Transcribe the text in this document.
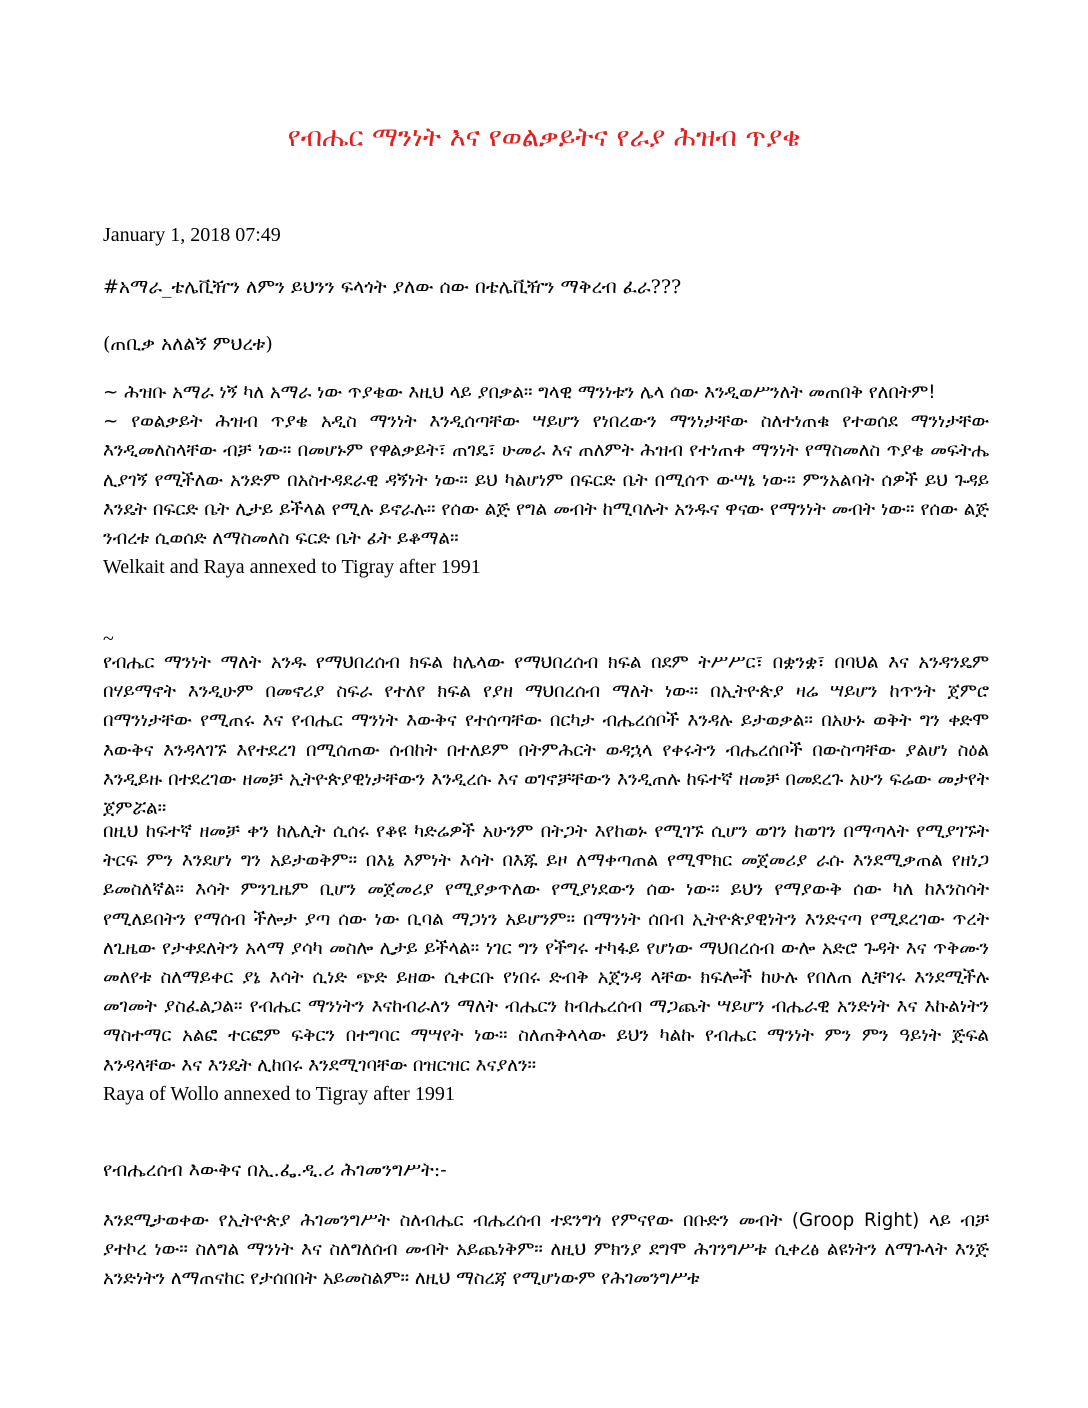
የብሔር ማንነት እና የወልቃይትና የራያ ሕዝብ ጥያቄ
January 1, 2018 07:49
#አማራ_ቴሌቪዥን ለምን ይህንን ፍላጎት ያለው ሰው በቴሌቪዥን ማቅረብ ፈራ???
(ጠቢቃ አለልኝ ምህረቱ)

~ ሕዝቡ አማራ ነኝ ካለ አማራ ነው ጥያቄው እዚህ ላይ ያበቃል። ግላዊ ማንነቱን ሌላ ሰው እንዲወሥንለት መጠበቅ የለበትም!

~ የወልቃይት ሕዝብ ጥያቄ አዲስ ማንነት እንዲሰጣቸው ሣይሆን የነበረውን ማንነታቸው ስለተነጠቁ የተወሰደ ማንነታቸው እንዲመለስላቸው ብቻ ነው። በመሆኑም የዋልቃይት፣ ጠገዴ፣ ሁመራ እና ጠለምት ሕዝብ የተነጠቀ ማንነት የማስመለስ ጥያቄ መፍትሔ ሊያገኝ የሚችለው አንድም በአስተዳደራዊ ዳኝነት ነው። ይህ ካልሆነም በፍርድ ቤት በሚሰጥ ውሣኔ ነው። ምንአልባት ሰዎች ይህ ጉዳይ እንዴት በፍርድ ቤት ሊታይ ይችላል የሚሉ ይኖራሉ። የሰው ልጅ የግል መብት ከሚባሉት አንዱና ዋናው የማንነት መብት ነው። የሰው ልጅ ንብረቱ ሲወሰድ ለማስመለስ ፍርድ ቤት ፊት ይቆማል።

Welkait and Raya annexed to Tigray after 1991

~
የብሔር ማንነት ማለት አንዱ የማህበረሰብ ክፍል ከሌላው የማህበረሰብ ክፍል በደም ትሥሥር፣ በቋንቋ፣ በባህል እና አንዳንዴም በሃይማኖት እንዲሁም በመኖሪያ ስፍራ የተለየ ክፍል የያዘ ማህበረሰብ ማለት ነው። በኢትዮጵያ ዛሬ ሣይሆን ከጥንት ጀምሮ በማንነታቸው የሚጠሩ እና የብሔር ማንነት እውቅና የተሰጣቸው በርካታ ብሔረሰቦች እንዳሉ ይታወቃል። በአሁኑ ወቅት ግን ቀድሞ እውቅና እንዳላገኙ እየተደረገ በሚሰጠው ሰብከት በተለይም በትምሕርት ወዳኋላ የቀሩትን ብሔረሰቦች በውስጣቸው ያልሆነ ስዕል እንዲይዙ በተደረገው ዘመቻ ኢትዮጵያዊነታቸውን እንዲረሱ እና ወገኖቻቸውን እንዲጠሉ ከፍተኛ ዘመቻ በመደረጉ አሁን ፍሬው መታየት ጀምሯል።

በዚህ ከፍተኛ ዘመቻ ቀን ከሌሊት ሲሰሩ የቆዩ ካድሬዎች አሁንም በትጋት እየከወኑ የሚገኙ ሲሆን ወገን ከወገን በማጣላት የሚያገኙት ትርፍ ምን እንደሆነ ግን አይታወቅም። በእኔ እምነት እሳት በእጁ ይዞ ለማቀጣጠል የሚሞክር መጀመሪያ ራሱ እንደሚቃጠል የዘነጋ ይመስለኛል። እሳት ምንጊዜም ቢሆን መጀመሪያ የሚያቃጥለው የሚያነደውን ሰው ነው። ይህን የማያውቅ ሰው ካለ ከእንስሳት የሚለይበትን የማሰብ ችሎታ ያጣ ሰው ነው ቢባል ማጋነን አይሆንም። በማንነት ሰበብ ኢትዮጵያዊነትን እንድናጣ የሚደረገው ጥረት ለጊዜው የታቀደለትን አላማ ያሳካ መስሎ ሊታይ ይችላል። ነገር ግን የችግሩ ተካፋይ የሆነው ማህበረሰብ ውሎ አድሮ ጉዳት እና ጥቅሙን መለየቱ ስለማይቀር ያኔ እሳት ሲነድ ጭድ ይዘው ሲቀርቡ የነበሩ ድብቅ አጀንዳ ላቸው ክፍሎች ከሁሉ የበለጠ ሊቸገሩ እንደሚችሉ መገመት ያስፈልጋል። የብሔር ማንነትን እናከብራለን ማለት ብሔርን ከብሔረሰብ ማጋጨት ሣይሆን ብሔራዊ አንድነት እና እኩልነትን ማስተማር አልፎ ተርፎም ፍቅርን በተግባር ማሣየት ነው። ስለጠቅላላው ይህን ካልኩ የብሔር ማንነት ምን ምን ዓይነት ጅፍል እንዳላቸው እና እንዴት ሊከበሩ እንደሚገባቸው በዝርዝር እናያለን።

Raya of Wollo annexed to Tigray after 1991

የብሔረሰብ እውቅና በኢ.ፌ.ዲ.ሪ ሕገመንግሥት:-
እንደሚታወቀው የኢትዮጵያ ሕገመንግሥት ስለብሔር ብሔረሰብ ተደንግጎ የምናየው በቡድን መብት (Groop Right) ላይ ብቻ ያተኮረ ነው። ስለግል ማንነት እና ስለግለሰብ መብት አይጨነቅም። ለዚህ ምክንያ ደግሞ ሕገንግሥቱ ሲቀረፅ ልዩነትን ለማጉላት እንጅ አንድነትን ለማጠናከር የታሰበበት አይመስልም። ለዚህ ማስረጃ የሚሆነውም የሕገመንግሥቱ
